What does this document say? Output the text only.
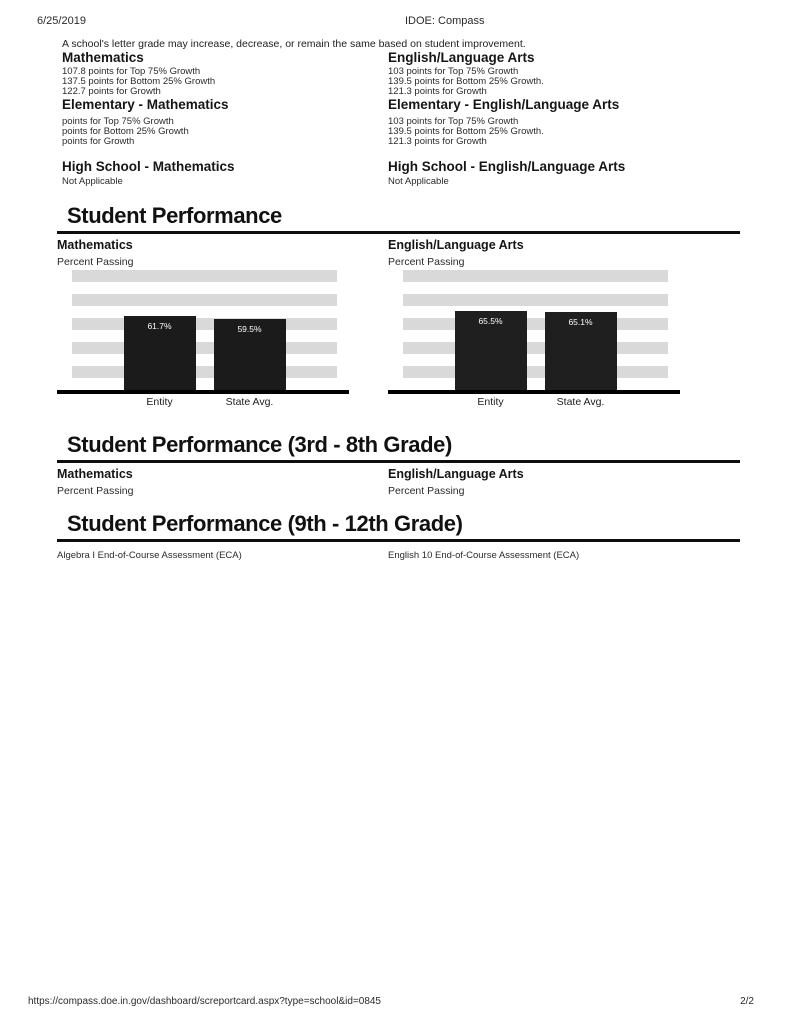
6/25/2019	IDOE: Compass
A school's letter grade may increase, decrease, or remain the same based on student improvement.
Mathematics
107.8 points for Top 75% Growth
137.5 points for Bottom 25% Growth
122.7 points for Growth
Elementary - Mathematics
points for Top 75% Growth
points for Bottom 25% Growth
points for Growth
High School - Mathematics
Not Applicable
English/Language Arts
103 points for Top 75% Growth
139.5 points for Bottom 25% Growth.
121.3 points for Growth
Elementary - English/Language Arts
103 points for Top 75% Growth
139.5 points for Bottom 25% Growth.
121.3 points for Growth
High School - English/Language Arts
Not Applicable
Student Performance
Mathematics
Percent Passing
61.7%	59.5%
Entity	State Avg.
English/Language Arts
Percent Passing
65.5%	65.1%
Entity	State Avg.
Student Performance (3rd - 8th Grade)
Mathematics
Percent Passing
English/Language Arts
Percent Passing
Student Performance (9th - 12th Grade)
Algebra I End-of-Course Assessment (ECA)	English 10 End-of-Course Assessment (ECA)
https://compass.doe.in.gov/dashboard/screportcard.aspx?type=school&id=0845	2/2
